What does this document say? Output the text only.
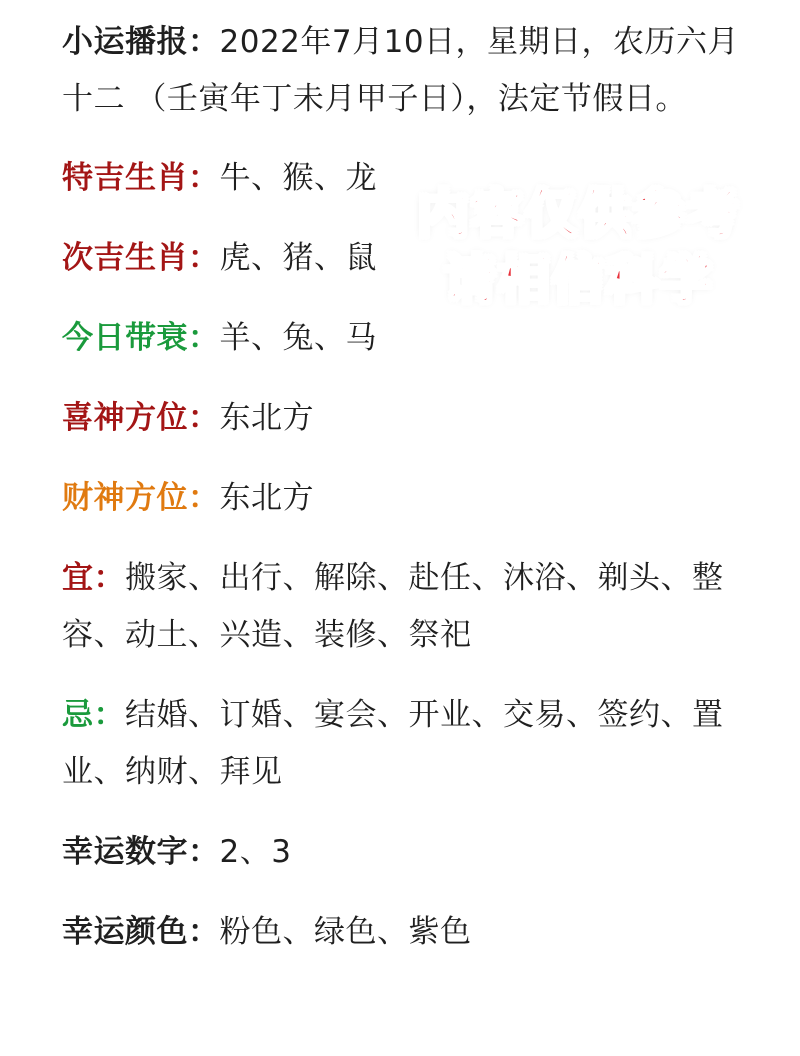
小运播报：2022年7月10日，星期日，农历六月十二 （壬寅年丁未月甲子日），法定节假日。

特吉生肖：牛、猴、龙

次吉生肖：虎、猪、鼠

今日带衰：羊、兔、马

喜神方位：东北方

财神方位：东北方

宜：搬家、出行、解除、赴任、沐浴、剃头、整容、动土、兴造、装修、祭祀

忌：结婚、订婚、宴会、开业、交易、签约、置业、纳财、拜见

幸运数字：2、3

幸运颜色：粉色、绿色、紫色

内容仅供参考
请相信科学
